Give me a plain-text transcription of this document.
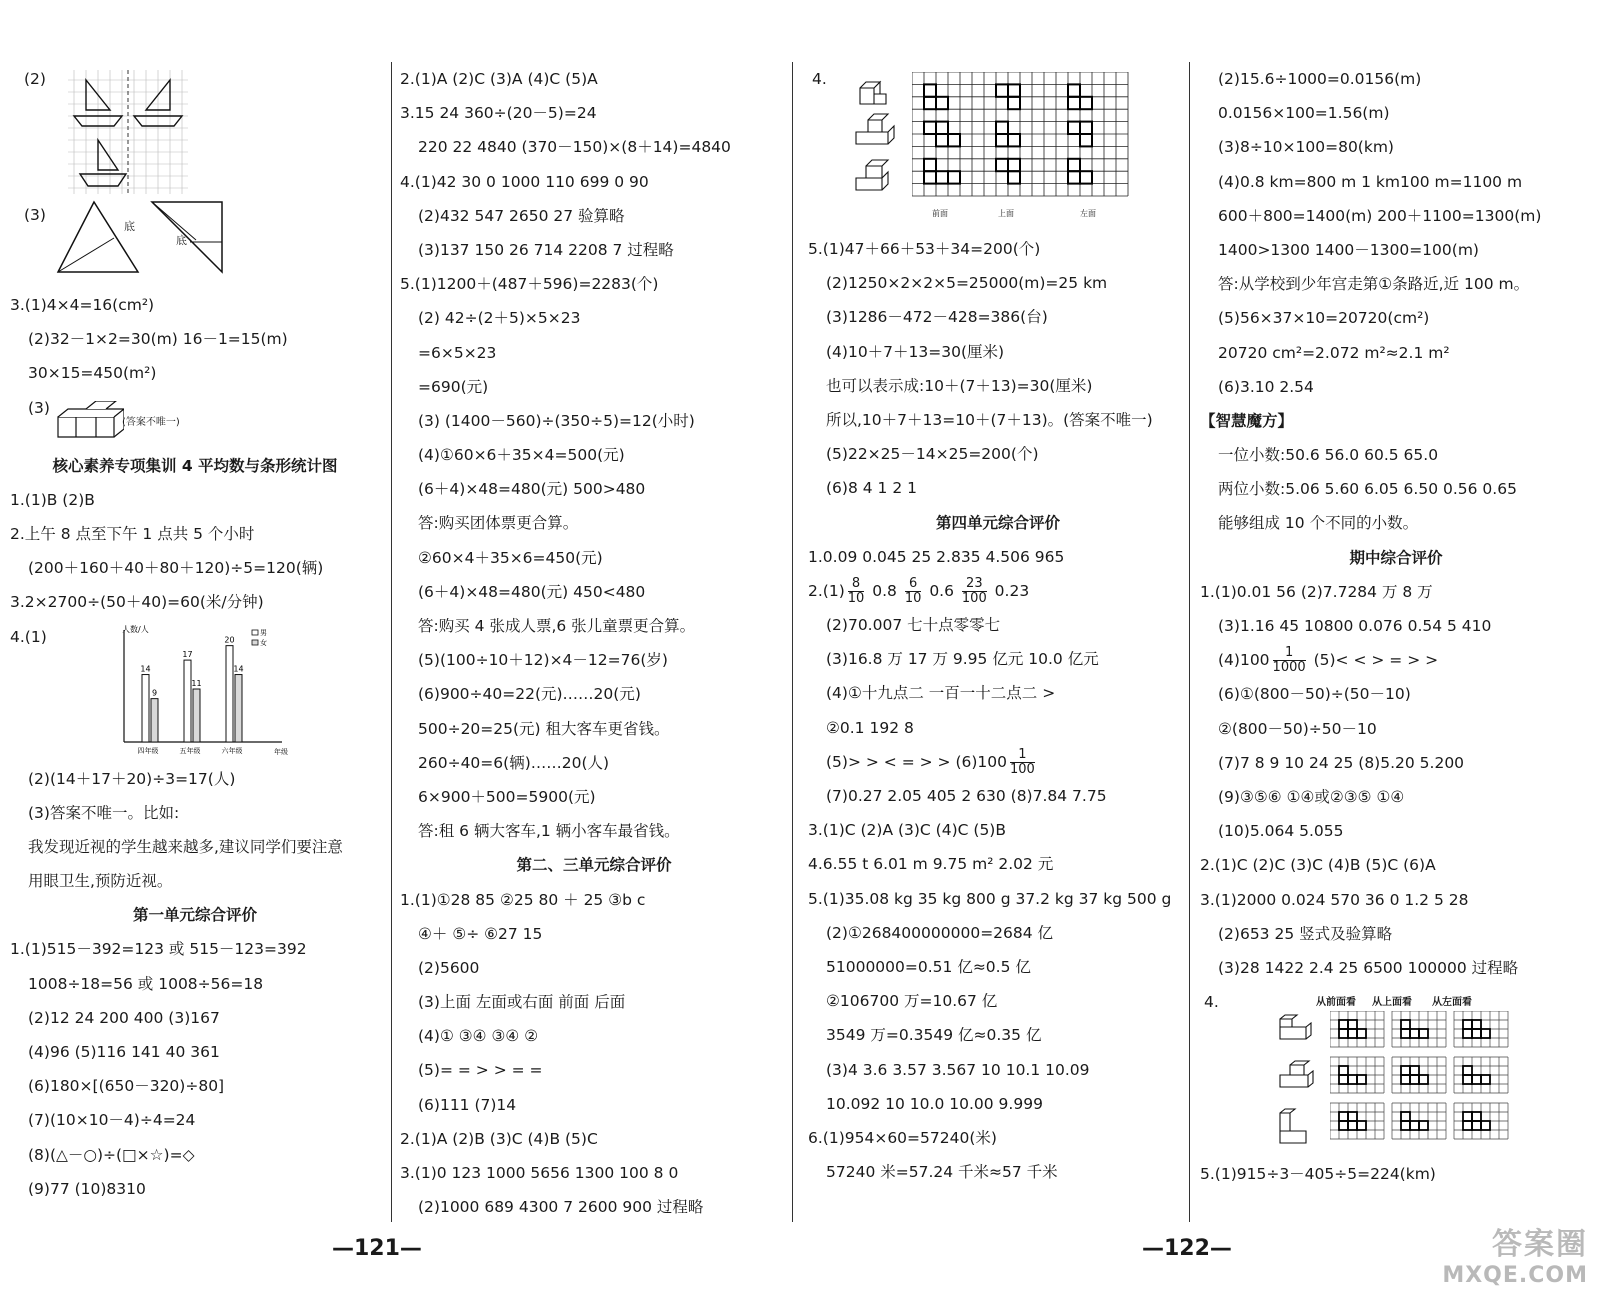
(2)
(3)
底
底
3.(1)4×4=16(cm²)
(2)32－1×2=30(m) 16－1=15(m)
30×15=450(m²)
(3)
(答案不唯一)
核心素养专项集训 4 平均数与条形统计图
1.(1)B (2)B
2.上午 8 点至下午 1 点共 5 个小时
(200＋160＋40＋80＋120)÷5=120(辆)
3.2×2700÷(50＋40)=60(米/分钟)
4.(1)	人数/人
年级
14
9
四年级
17
11
五年级
20
14
六年级
男
女
(2)(14＋17＋20)÷3=17(人)
(3)答案不唯一。比如:
我发现近视的学生越来越多,建议同学们要注意
用眼卫生,预防近视。
第一单元综合评价
1.(1)515－392=123 或 515－123=392
1008÷18=56 或 1008÷56=18
(2)12 24 200 400 (3)167
(4)96 (5)116 141 40 361
(6)180×[(650－320)÷80]
(7)(10×10－4)÷4=24
(8)(△－○)÷(□×☆)=◇
(9)77 (10)8310
2.(1)A (2)C (3)A (4)C (5)A
3.15 24 360÷(20－5)=24
220 22 4840 (370－150)×(8＋14)=4840
4.(1)42 30 0 1000 110 699 0 90
(2)432 547 2650 27 验算略
(3)137 150 26 714 2208 7 过程略
5.(1)1200＋(487＋596)=2283(个)
(2) 42÷(2＋5)×5×23
=6×5×23
=690(元)
(3) (1400－560)÷(350÷5)=12(小时)
(4)①60×6＋35×4=500(元)
(6＋4)×48=480(元) 500>480
答:购买团体票更合算。
②60×4＋35×6=450(元)
(6＋4)×48=480(元) 450<480
答:购买 4 张成人票,6 张儿童票更合算。
(5)(100÷10＋12)×4－12=76(岁)
(6)900÷40=22(元)……20(元)
500÷20=25(元) 租大客车更省钱。
260÷40=6(辆)……20(人)
6×900＋500=5900(元)
答:租 6 辆大客车,1 辆小客车最省钱。
第二、三单元综合评价
1.(1)①28 85 ②25 80 ＋ 25 ③b c
④＋ ⑤÷ ⑥27 15
(2)5600
(3)上面 左面或右面 前面 后面
(4)① ③④ ③④ ②
(5)= = > > = =
(6)111 (7)14
2.(1)A (2)B (3)C (4)B (5)C
3.(1)0 123 1000 5656 1300 100 8 0
(2)1000 689 4300 7 2600 900 过程略
4.
前面	上面	左面
5.(1)47＋66＋53＋34=200(个)
(2)1250×2×2×5=25000(m)=25 km
(3)1286－472－428=386(台)
(4)10＋7＋13=30(厘米)
也可以表示成:10＋(7＋13)=30(厘米)
所以,10＋7＋13=10＋(7＋13)。(答案不唯一)
(5)22×25－14×25=200(个)
(6)8 4 1 2 1
第四单元综合评价
1.0.09 0.045 25 2.835 4.506 965
$2.(1) \frac{8}{10} 0.8 \frac{6}{10} 0.6 \frac{23}{100} 0.23$
(2)70.007 七十点零零七
(3)16.8 万 17 万 9.95 亿元 10.0 亿元
(4)①十九点二 一百一十二点二 >
②0.1 192 8
(5)> > < = > > $(6)100 \frac{1}{100}$
(7)0.27 2.05 405 2 630 (8)7.84 7.75
3.(1)C (2)A (3)C (4)C (5)B
4.6.55 t 6.01 m 9.75 m² 2.02 元
5.(1)35.08 kg 35 kg 800 g 37.2 kg 37 kg 500 g
(2)①268400000000=2684 亿
51000000=0.51 亿≈0.5 亿
②106700 万=10.67 亿
3549 万=0.3549 亿≈0.35 亿
(3)4 3.6 3.57 3.567 10 10.1 10.09
10.092 10 10.0 10.00 9.999
6.(1)954×60=57240(米)
57240 米=57.24 千米≈57 千米
(2)15.6÷1000=0.0156(m)
0.0156×100=1.56(m)
(3)8÷10×100=80(km)
(4)0.8 km=800 m 1 km100 m=1100 m
600＋800=1400(m) 200＋1100=1300(m)
1400>1300 1400－1300=100(m)
答:从学校到少年宫走第①条路近,近 100 m。
(5)56×37×10=20720(cm²)
20720 cm²=2.072 m²≈2.1 m²
(6)3.10 2.54
【智慧魔方】
一位小数:50.6 56.0 60.5 65.0
两位小数:5.06 5.60 6.05 6.50 0.56 0.65
能够组成 10 个不同的小数。
期中综合评价
1.(1)0.01 56 (2)7.7284 万 8 万
(3)1.16 45 10800 0.076 0.54 5 410
$(4)100 \frac{1}{1000} (5)<$ < > = > >
(6)①(800－50)÷(50－10)
②(800－50)÷50－10
(7)7 8 9 10 24 25 (8)5.20 5.200
(9)③⑤⑥ ①④或②③⑤ ①④
(10)5.064 5.055
2.(1)C (2)C (3)C (4)B (5)C (6)A
3.(1)2000 0.024 570 36 0 1.2 5 28
(2)653 25 竖式及验算略
(3)28 1422 2.4 25 6500 100000 过程略
4.	从前面看 从上面看 从左面看
5.(1)915÷3－405÷5=224(km)
—121—	—122—	答案圈
MXQE.COM
